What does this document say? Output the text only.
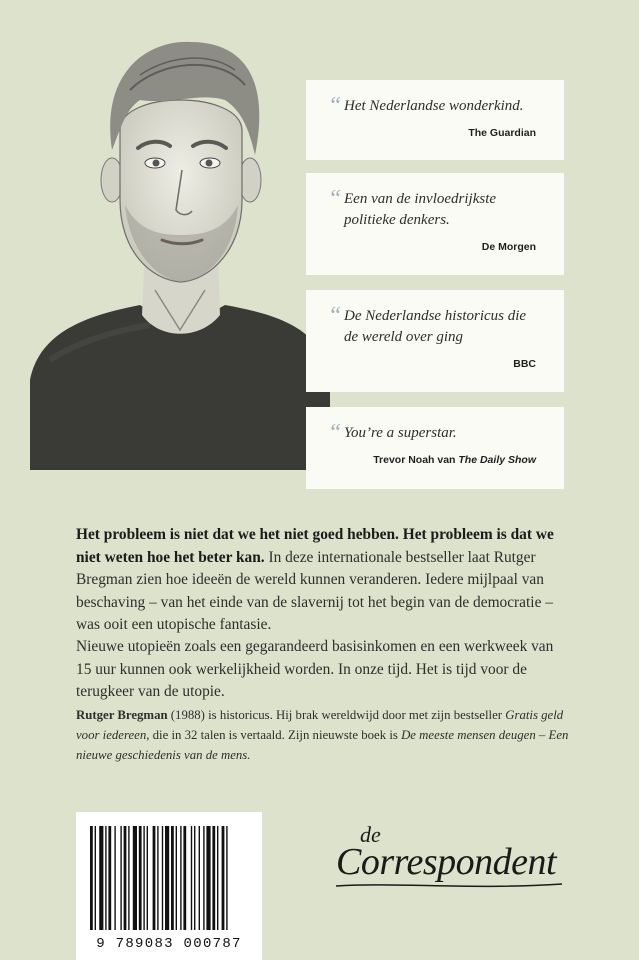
“ Het Nederlandse wonderkind.
The Guardian
“ Een van de invloedrijkste politieke denkers.
De Morgen
“ De Nederlandse historicus die de wereld over ging
BBC
“ You’re a superstar.
Trevor Noah van The Daily Show
Het probleem is niet dat we het niet goed hebben. Het probleem is dat we niet weten hoe het beter kan. In deze internationale bestseller laat Rutger Bregman zien hoe ideeën de wereld kunnen veranderen. Iedere mijlpaal van beschaving – van het einde van de slavernij tot het begin van de democratie – was ooit een utopische fantasie.
Nieuwe utopieën zoals een gegarandeerd basisinkomen en een werkweek van 15 uur kunnen ook werkelijkheid worden. In onze tijd. Het is tijd voor de terugkeer van de utopie.
Rutger Bregman (1988) is historicus. Hij brak wereldwijd door met zijn bestseller Gratis geld voor iedereen, die in 32 talen is vertaald. Zijn nieuwste boek is De meeste mensen deugen – Een nieuwe geschiedenis van de mens.
9 789083 000787
de
Correspondent
